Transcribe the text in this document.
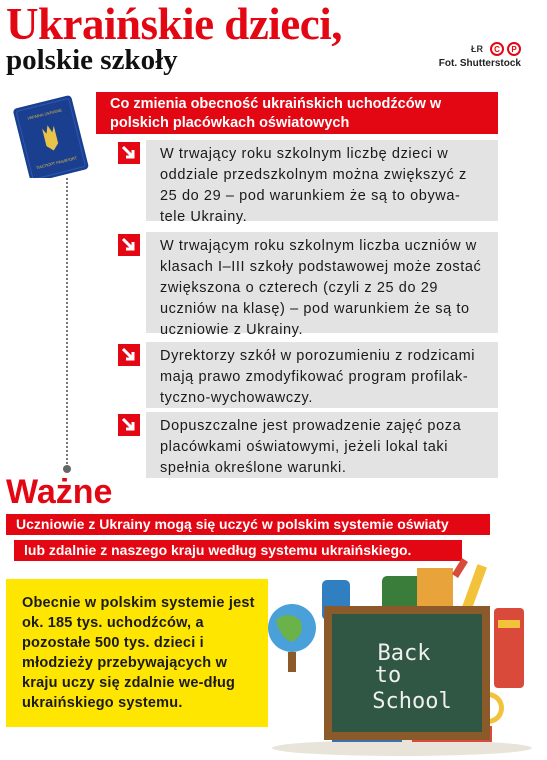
Ukraińskie dzieci,
polskie szkoły	ŁR	C	P
Fot. Shutterstock
УКРАЇНА UKRAINE
ПАСПОРТ PASSPORT
Co zmienia obecność ukraińskich uchodźców w polskich placówkach oświatowych
W trwający roku szkolnym liczbę dzieci w oddziale przedszkolnym można zwiększyć z 25 do 29 – pod warunkiem że są to obywa-tele Ukrainy.
W trwającym roku szkolnym liczba uczniów w klasach I–III szkoły podstawowej może zostać zwiększona o czterech (czyli z 25 do 29 uczniów na klasę) – pod warunkiem że są to uczniowie z Ukrainy.
Dyrektorzy szkół w porozumieniu z rodzicami mają prawo zmodyfikować program profilak-tyczno-wychowawczy.
Dopuszczalne jest prowadzenie zajęć poza placówkami oświatowymi, jeżeli lokal taki spełnia określone warunki.
Ważne
Uczniowie z Ukrainy mogą się uczyć w polskim systemie oświaty
lub zdalnie z naszego kraju według systemu ukraińskiego.
Obecnie w polskim systemie jest ok. 185 tys. uchodźców, a pozostałe 500 tys. dzieci i młodzieży przebywających w kraju uczy się zdalnie we-dług ukraińskiego systemu.
Back
to
School
